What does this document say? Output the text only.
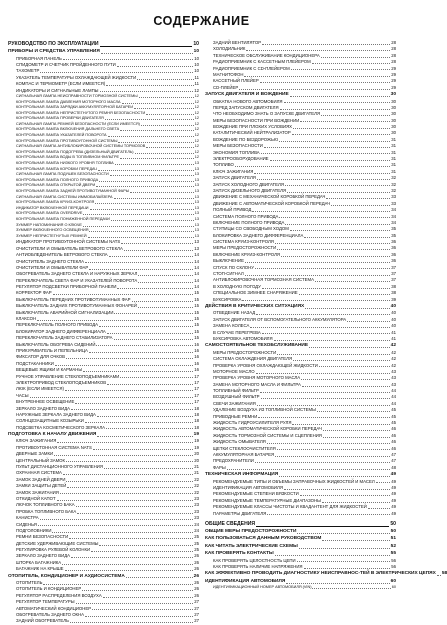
СОДЕРЖАНИЕ
РУКОВОДСТВО ПО ЭКСПЛУАТАЦИИ	10
ПРИБОРЫ И СРЕДСТВА УПРАВЛЕНИЯ	10
ПРИБОРНАЯ ПАНЕЛЬ	10
СПИДОМЕТР И СЧЕТЧИК ПРОЙДЕННОГО ПУТИ	10
ТАХОМЕТР	10
УКАЗАТЕЛЬ ТЕМПЕРАТУРЫ ОХЛАЖДАЮЩЕЙ ЖИДКОСТИ	11
КОМПАС И ТЕРМОМЕТР (ЕСЛИ ИМЕЕТСЯ)	11
ИНДИКАТОРЫ И СИГНАЛЬНЫЕ ЛАМПЫ	12
СИГНАЛЬНАЯ ЛАМПА НЕИСПРАВНОСТИ ТОРМОЗНОЙ СИСТЕМЫ	12
КОНТРОЛЬНАЯ ЛАМПА ДАВЛЕНИЯ МОТОРНОГО МАСЛА	12
КОНТРОЛЬНАЯ ЛАМПА ЗАРЯДКИ АККУМУЛЯТОРНОЙ БАТАРЕИ	12
КОНТРОЛЬНАЯ ЛАМПА НЕПРИСТЕГНУТОГО РЕМНЯ БЕЗОПАСНОСТИ	12
КОНТРОЛЬНАЯ ЛАМПА ПРОВЕРКИ ДВИГАТЕЛЯ	12
СИГНАЛЬНАЯ ЛАМПА РЕМНЕЙ БЕЗОПАСНОСТИ (ЕСЛИ ИМЕЕТСЯ)	12
КОНТРОЛЬНАЯ ЛАМПА ВКЛЮЧЕНИЯ ДАЛЬНЕГО СВЕТА	12
КОНТРОЛЬНАЯ ЛАМПА УКАЗАТЕЛЕЙ ПОВОРОТА	12
КОНТРОЛЬНАЯ ЛАМПА ПРОТИВОУГОННОЙ СИСТЕМЫ	12
СИГНАЛЬНАЯ ЛАМПА АНТИБЛОКИРОВОЧНОЙ СИСТЕМЫ ТОРМОЗОВ	12
КОНТРОЛЬНАЯ ЛАМПА ПОДОГРЕВА (ДИЗЕЛЬНЫЙ ДВИГАТЕЛЬ)	12
КОНТРОЛЬНАЯ ЛАМПА ВОДЫ В ТОПЛИВНОМ ФИЛЬТРЕ	12
КОНТРОЛЬНАЯ ЛАМПА НИЗКОГО УРОВНЯ ТОПЛИВА	13
КОНТРОЛЬНАЯ ЛАМПА КОРОБКИ ПЕРЕДАЧ	13
СИГНАЛЬНАЯ ЛАМПА ПОДУШЕК БЕЗОПАСНОСТИ	13
КОНТРОЛЬНАЯ ЛАМПА ПОЛНОГО ПРИВОДА	13
КОНТРОЛЬНАЯ ЛАМПА ОТКРЫТОЙ ДВЕРИ	13
КОНТРОЛЬНАЯ ЛАМПА ЗАДНЕЙ ПРОТИВОТУМАННОЙ ФАРЫ	13
СИГНАЛЬНАЯ ЛАМПА СИСТЕМЫ ИММОБИЛАЙЗЕРА	13
КОНТРОЛЬНАЯ ЛАМПА КРУИЗ-КОНТРОЛЯ	13
ИНДИКАТОР ВКЛЮЧЕННОЙ ПЕРЕДАЧИ	13
КОНТРОЛЬНАЯ ЛАМПА OVERDRIVE	13
КОНТРОЛЬНАЯ ЛАМПА ПОНИЖЕННОЙ ПЕРЕДАЧИ	13
ЗУММЕР НАПОМИНАНИЯ О КЛЮЧЕ	13
ЗУММЕР ВКЛЮЧЕННОГО ОСВЕЩЕНИЯ	13
ЗУММЕР НЕПРИСТЕГНУТЫХ РЕМНЕЙ	13
ИНДИКАТОР ПРОТИВОУГОННОЙ СИСТЕМЫ NATS	13
ОЧИСТИТЕЛИ И ОМЫВАТЕЛЬ ВЕТРОВОГО СТЕКЛА	13
АНТИОБЛЕДЕНИТЕЛЬ ВЕТРОВОГО СТЕКЛА	14
ОЧИСТИТЕЛЬ ЗАДНЕГО СТЕКЛА	14
ОЧИСТИТЕЛИ И ОМЫВАТЕЛИ ФАР	14
ОБОГРЕВАТЕЛЬ ЗАДНЕГО СТЕКЛА И НАРУЖНЫХ ЗЕРКАЛ	14
ПЕРЕКЛЮЧАТЕЛЬ СВЕТА ФАР И УКАЗАТЕЛЕЙ ПОВОРОТА	14
РЕГУЛЯТОР ПОДСВЕТКИ ПРИБОРНОЙ ПАНЕЛИ	14
КОРРЕКТОР ФАР	15
ВЫКЛЮЧАТЕЛЬ ПЕРЕДНИХ ПРОТИВОТУМАННЫХ ФАР	15
ВЫКЛЮЧАТЕЛЬ ЗАДНИХ ПРОТИВОТУМАННЫХ ФОНАРЕЙ	15
ВЫКЛЮЧАТЕЛЬ АВАРИЙНОЙ СИГНАЛИЗАЦИИ	15
КЛАКСОН	15
ПЕРЕКЛЮЧАТЕЛЬ ПОЛНОГО ПРИВОДА	15
БЛОКИРАТОР ЗАДНЕГО ДИФФЕРЕНЦИАЛА	15
ПЕРЕКЛЮЧАТЕЛЬ ЗАДНЕГО СТАБИЛИЗАТОРА	15
ВЫКЛЮЧАТЕЛЬ ОБОГРЕВА СИДЕНИЙ	16
ПРИКУРИВАТЕЛЬ И ПЕПЕЛЬНИЦА	16
ФИКСАТОР ДЛЯ ОЧКОВ	16
ПОДСТАКАННИКИ	16
ВЕЩЕВЫЕ ЯЩИКИ И КАРМАНЫ	16
РУЧНОЕ УПРАВЛЕНИЕ СТЕКЛОПОДЪЕМНИКАМИ	17
ЭЛЕКТРОПРИВОД СТЕКЛОПОДЪЕМНИКОВ	17
ЛЮК (ЕСЛИ ИМЕЕТСЯ)	17
ЧАСЫ	17
ВНУТРЕННЕЕ ОСВЕЩЕНИЕ	17
ЗЕРКАЛО ЗАДНЕГО ВИДА	18
НАРУЖНЫЕ ЗЕРКАЛА ЗАДНЕГО ВИДА	18
СОЛНЦЕЗАЩИТНЫЕ КОЗЫРЬКИ	18
ПОДСВЕТКА КОСМЕТИЧЕСКОГО ЗЕРКАЛА	18
ПОДГОТОВКА К НАЧАЛУ ДВИЖЕНИЯ	19
КЛЮЧ ЗАЖИГАНИЯ	19
ПРОТИВОУГОННАЯ СИСТЕМА NATS	19
ДВЕРНЫЕ ЗАМКИ	20
ЦЕНТРАЛЬНЫЙ ЗАМОК	20
ПУЛЬТ ДИСТАНЦИОННОГО УПРАВЛЕНИЯ	21
ОХРАННАЯ СИСТЕМА	21
ЗАМОК ЗАДНЕЙ ДВЕРИ	22
ЗАМКИ ЗАЩИТЫ ДЕТЕЙ	22
ЗАМОК ЗАЖИГАНИЯ	22
ОТКИДНОЙ КАПОТ	23
ЛЮЧОК ТОПЛИВНОГО БАКА	23
ПРОБКА ТОПЛИВНОГО БАКА	23
КАНИСТРА	23
СИДЕНЬЯ	24
ПОДГОЛОВНИКИ	24
РЕМНИ БЕЗОПАСНОСТИ	25
ДЕТСКИЕ УДЕРЖИВАЮЩИЕ СИСТЕМЫ	25
РЕГУЛИРОВКА РУЛЕВОЙ КОЛОНКИ	25
ЗЕРКАЛО ЗАДНЕГО ВИДА	26
ШТОРКА БАГАЖНИКА	26
БАГАЖНИК НА КРЫШЕ	26
ОТОПИТЕЛЬ, КОНДИЦИОНЕР И АУДИОСИСТЕМА	26
ОТОПИТЕЛЬ	26
ОТОПИТЕЛЬ И КОНДИЦИОНЕР	26
РЕГУЛЯТОР РАСПРЕДЕЛЕНИЯ ВОЗДУХА	26
РЕГУЛЯТОР ТЕМПЕРАТУРЫ	27
АВТОМАТИЧЕСКИЙ КОНДИЦИОНЕР	27
ОБОГРЕВАТЕЛЬ ЗАДНЕГО ОКНА	27
ЗАДНИЙ ОБОГРЕВАТЕЛЬ	27
ЗАДНИЙ ВЕНТИЛЯТОР	28
ХОЛОДИЛЬНИК	28
ТЕХНИЧЕСКОЕ ОБСЛУЖИВАНИЕ КОНДИЦИОНЕРА	28
РАДИОПРИЕМНИК С КАССЕТНЫМ ПЛЕЙЕРОМ	28
РАДИОПРИЕМНИК С CD-ПЛЕЙЕРОМ	29
МАГНИТОФОН	29
КАССЕТНЫЙ ПЛЕЙЕР	29
CD-ПЛЕЙЕР	29
ЗАПУСК ДВИГАТЕЛЯ И ВОЖДЕНИЕ	30
ОБКАТКА НОВОГО АВТОМОБИЛЯ	30
ПЕРЕД ЗАПУСКОМ ДВИГАТЕЛЯ	30
ЧТО НЕОБХОДИМО ЗНАТЬ О ЗАПУСКЕ ДВИГАТЕЛЯ	30
МЕРЫ БЕЗОПАСНОСТИ ПРИ ВОЖДЕНИИ	30
ВОЖДЕНИЕ ПРИ ПЛОХИХ УСЛОВИЯХ	30
КАТАЛИТИЧЕСКИЙ НЕЙТРАЛИЗАТОР	30
ВОЖДЕНИЕ ПО БЕЗДОРОЖЬЮ	31
МЕРЫ БЕЗОПАСНОСТИ	31
ЭКОНОМИЯ ТОПЛИВА	31
ЭЛЕКТРООБОРУДОВАНИЕ	31
ТОПЛИВО	31
КЛЮЧ ЗАЖИГАНИЯ	31
ЗАПУСК ДВИГАТЕЛЯ	32
ЗАПУСК ХОЛОДНОГО ДВИГАТЕЛЯ	32
ЗАПУСК ДИЗЕЛЬНОГО ДВИГАТЕЛЯ	32
ДВИЖЕНИЕ С МЕХАНИЧЕСКОЙ КОРОБКОЙ ПЕРЕДАЧ	33
ДВИЖЕНИЕ С АВТОМАТИЧЕСКОЙ КОРОБКОЙ ПЕРЕДАЧ	33
ПОЛНЫЙ ПРИВОД	34
СИСТЕМА ПОЛНОГО ПРИВОДА	34
ВКЛЮЧЕНИЕ ПОЛНОГО ПРИВОДА	34
СТУПИЦЫ СО СВОБОДНЫМ ХОДОМ	35
БЛОКИРОВКА ЗАДНЕГО ДИФФЕРЕНЦИАЛА	35
СИСТЕМА КРУИЗ-КОНТРОЛЯ	36
МЕРЫ ПРЕДОСТОРОЖНОСТИ	36
ВКЛЮЧЕНИЕ КРУИЗ-КОНТРОЛЯ	36
ВЫКЛЮЧЕНИЕ	36
СПУСК ПО СКЛОНУ	37
СТОП-СИГНАЛ	37
АНТИБЛОКИРОВОЧНАЯ ТОРМОЗНАЯ СИСТЕМА	37
В ХОЛОДНУЮ ПОГОДУ	38
СПЕЦИАЛЬНОЕ ЗИМНЕЕ СНАРЯЖЕНИЕ	38
БУКСИРОВКА	39
ДЕЙСТВИЯ В КРИТИЧЕСКИХ СИТУАЦИЯХ	40
ОТВЕДЕНИЕ НАЗАД	40
ЗАПУСК ДВИГАТЕЛЯ ОТ ВСПОМОГАТЕЛЬНОГО АККУМУЛЯТОРА	40
ЗАМЕНА КОЛЕСА	40
В СЛУЧАЕ ПЕРЕГРЕВА	41
БУКСИРОВКА АВТОМОБИЛЯ	41
САМОСТОЯТЕЛЬНОЕ ТЕХОБСЛУЖИВАНИЕ	42
МЕРЫ ПРЕДОСТОРОЖНОСТИ	42
СИСТЕМА ОХЛАЖДЕНИЯ ДВИГАТЕЛЯ	42
ПРОВЕРКА УРОВНЯ ОХЛАЖДАЮЩЕЙ ЖИДКОСТИ	42
МОТОРНОЕ МАСЛО	43
ПРОВЕРКА УРОВНЯ МОТОРНОГО МАСЛА	43
ЗАМЕНА МОТОРНОГО МАСЛА И ФИЛЬТРА	43
ТОПЛИВНЫЙ ФИЛЬТР	44
ВОЗДУШНЫЙ ФИЛЬТР	44
СВЕЧИ ЗАЖИГАНИЯ	44
УДАЛЕНИЕ ВОЗДУХА ИЗ ТОПЛИВНОЙ СИСТЕМЫ	45
ПРИВОДНЫЕ РЕМНИ	45
ЖИДКОСТЬ ГИДРОУСИЛИТЕЛЯ РУЛЯ	45
ЖИДКОСТЬ АВТОМАТИЧЕСКОЙ КОРОБКИ ПЕРЕДАЧ	46
ЖИДКОСТЬ ТОРМОЗНОЙ СИСТЕМЫ И СЦЕПЛЕНИЯ	46
ЖИДКОСТЬ ОМЫВАТЕЛЯ	46
ЩЕТКИ СТЕКЛООЧИСТИТЕЛЯ	46
АККУМУЛЯТОРНАЯ БАТАРЕЯ	47
ПРЕДОХРАНИТЕЛИ	47
ФАРЫ	48
ТЕХНИЧЕСКАЯ ИНФОРМАЦИЯ	49
РЕКОМЕНДУЕМЫЕ ТИПЫ И ОБЪЕМЫ ЗАПРАВОЧНЫХ ЖИДКОСТЕЙ И МАСЕЛ	49
ИДЕНТИФИКАЦИЯ АВТОМОБИЛЯ	49
РЕКОМЕНДУЕМЫЕ СТЕПЕНИ ВЯЗКОСТИ	49
РЕКОМЕНДУЕМЫЕ ТЕМПЕРАТУРНЫЕ ДИАПАЗОНЫ	49
РЕКОМЕНДУЕМЫЕ КЛАССЫ ЧИСТОТЫ И КВАДАНТЕНТ ДЛЯ ЖИДКОСТЕЙ	49
ПАРАМЕТРЫ ДВИГАТЕЛЯ	49
ОБЩИЕ СВЕДЕНИЯ	50
ОБЩИЕ МЕРЫ ПРЕДОСТОРОЖНОСТИ	50
КАК ПОЛЬЗОВАТЬСЯ ДАННЫМ РУКОВОДСТВОМ	51
КАК ЧИТАТЬ ЭЛЕКТРИЧЕСКИЕ СХЕМЫ	52
КАК ПРОВЕРЯТЬ КОНТАКТЫ	55
КАК ПРОВЕРЯТЬ ЦЕЛОСТНОСТЬ ЦЕПИ	56
КАК ПРОВЕРЯТЬ НАЛИЧИЕ НАПРЯЖЕНИЯ	56
КАК ЭФФЕКТИВНО ПРОВОДИТЬ ДИАГНОСТИКУ НЕИСПРАВНОС-ТЕЙ В ЭЛЕКТРИЧЕСКИХ ЦЕПЯХ 58
ИДЕНТИФИКАЦИЯ АВТОМОБИЛЯ	60
ИДЕНТИФИКАЦИОННЫЙ НОМЕР АВТОМОБИЛЯ (VIN)	60
